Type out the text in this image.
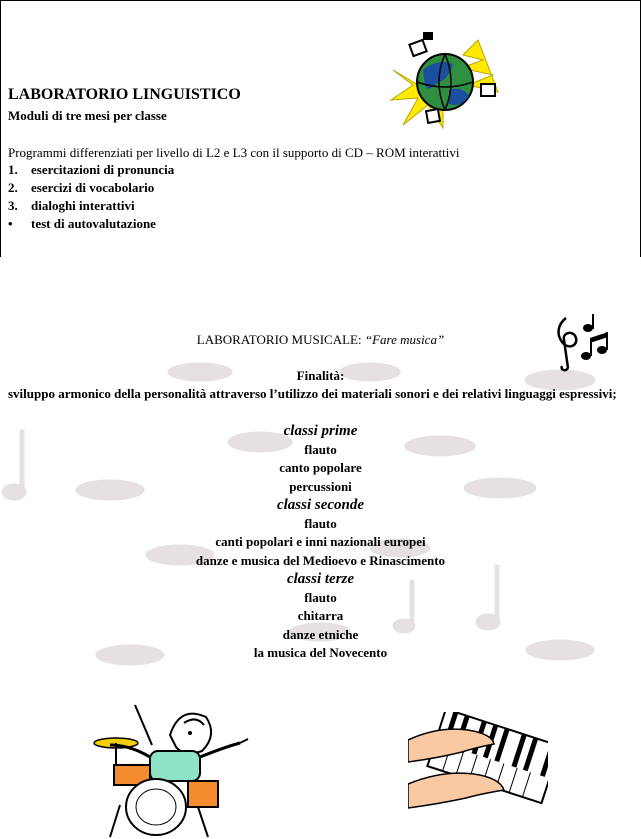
LABORATORIO LINGUISTICO
Moduli di tre mesi per classe
Programmi differenziati per livello di L2 e L3 con il supporto di CD – ROM interattivi
1.	esercitazioni di pronuncia
2.	esercizi di vocabolario
3.	dialoghi interattivi
•	test di autovalutazione
LABORATORIO MUSICALE: “Fare musica”
Finalità:
sviluppo armonico della personalità attraverso l’utilizzo dei materiali sonori e dei relativi linguaggi espressivi;
classi prime
flauto
canto popolare
percussioni
classi seconde
flauto
canti popolari e inni nazionali europei
danze e musica del Medioevo e Rinascimento
classi terze
flauto
chitarra
danze etniche
la musica del Novecento
